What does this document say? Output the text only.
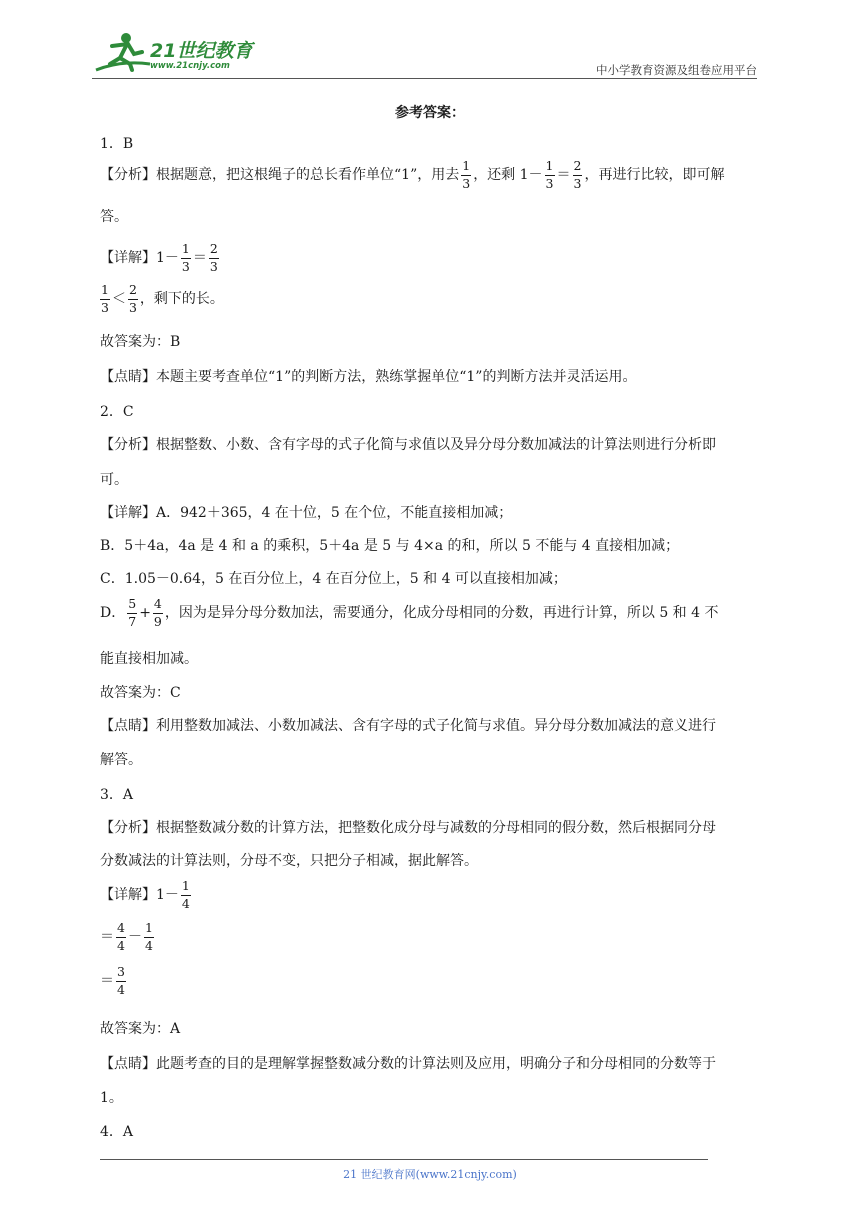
21世纪教育
www.21cnjy.com	中小学教育资源及组卷应用平台
参考答案：
1．B
【分析】根据题意，把这根绳子的总长看作单位“1”，用去 $\frac{1}{3}$ ，还剩 $1- \frac{1}{3} = \frac{2}{3}$ ，再进行比较，即可解
答。
【详解】$1- \frac{1}{3} = \frac{2}{3}$
$\frac{1}{3} < \frac{2}{3}$ ，剩下的长。
故答案为：B
【点睛】本题主要考查单位“1”的判断方法，熟练掌握单位“1”的判断方法并灵活运用。
2．C
【分析】根据整数、小数、含有字母的式子化简与求值以及异分母分数加减法的计算法则进行分析即
可。
【详解】A．942＋365，4 在十位，5 在个位，不能直接相加减；
B．5＋4a，4a 是 4 和 a 的乘积，5＋4a 是 5 与 4×a 的和，所以 5 不能与 4 直接相加减；
C．1.05－0.64，5 在百分位上，4 在百分位上，5 和 4 可以直接相加减；
D． $\frac{5}{7} + \frac{4}{9}$ ，因为是异分母分数加法，需要通分，化成分母相同的分数，再进行计算，所以 5 和 4 不
能直接相加减。
故答案为：C
【点睛】利用整数加减法、小数加减法、含有字母的式子化简与求值。异分母分数加减法的意义进行
解答。
3．A
【分析】根据整数减分数的计算方法，把整数化成分母与减数的分母相同的假分数，然后根据同分母
分数减法的计算法则，分母不变，只把分子相减，据此解答。
【详解】$1- \frac{1}{4}$
＝ $\frac{4}{4} - \frac{1}{4}$
＝ $\frac{3}{4}$
故答案为：A
【点睛】此题考查的目的是理解掌握整数减分数的计算法则及应用，明确分子和分母相同的分数等于
1。
4．A
21 世纪教育网(www.21cnjy.com)
